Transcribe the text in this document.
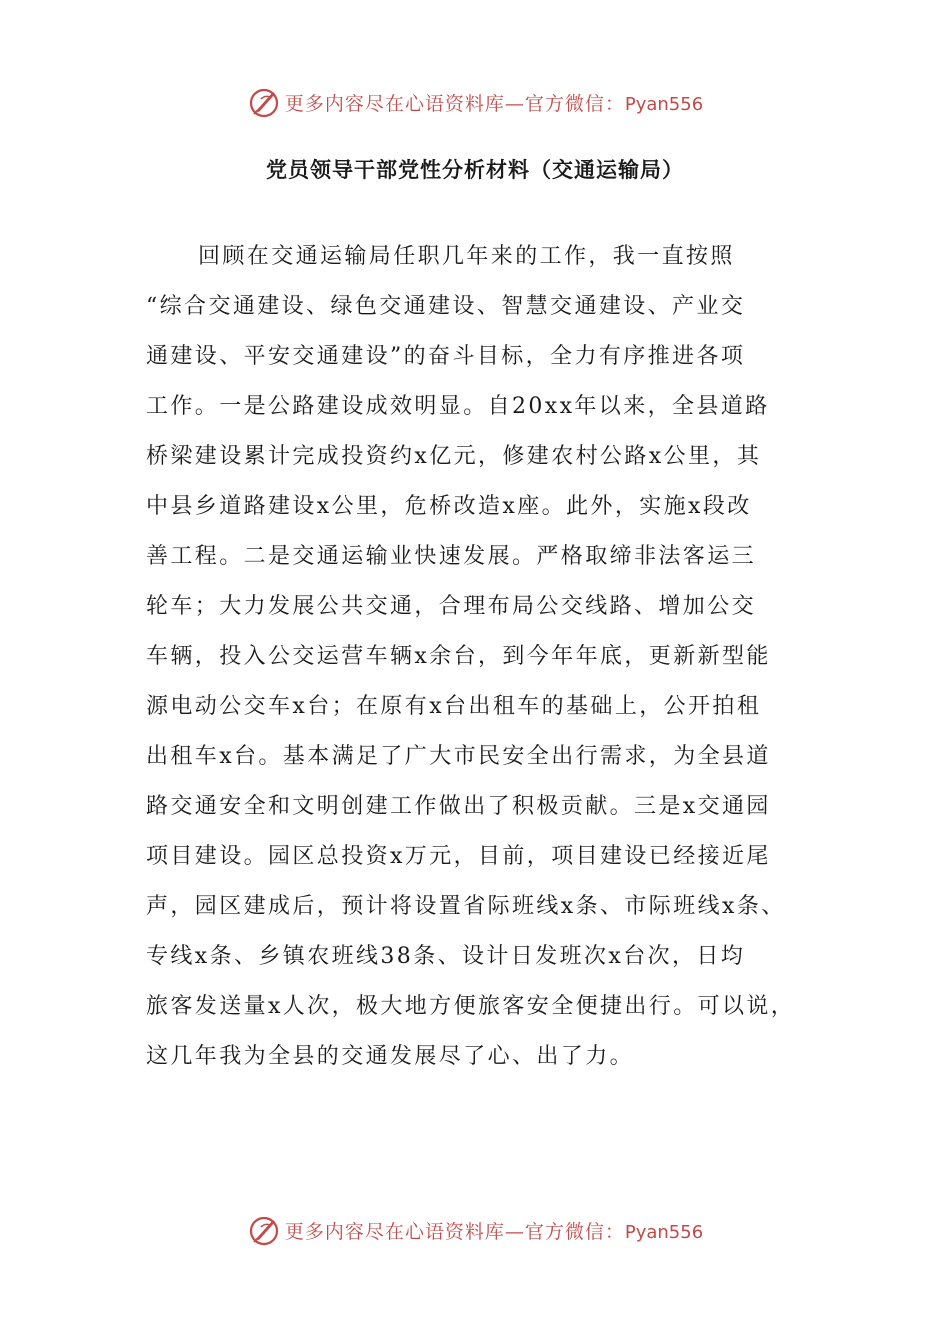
更多内容尽在心语资料库—官方微信：Pyan556
党员领导干部党性分析材料（交通运输局）
回顾在交通运输局任职几年来的工作，我一直按照
“综合交通建设、绿色交通建设、智慧交通建设、产业交
通建设、平安交通建设”的奋斗目标，全力有序推进各项
工作。一是公路建设成效明显。自20xx年以来，全县道路
桥梁建设累计完成投资约x亿元，修建农村公路x公里，其
中县乡道路建设x公里，危桥改造x座。此外，实施x段改
善工程。二是交通运输业快速发展。严格取缔非法客运三
轮车；大力发展公共交通，合理布局公交线路、增加公交
车辆，投入公交运营车辆x余台，到今年年底，更新新型能
源电动公交车x台；在原有x台出租车的基础上，公开拍租
出租车x台。基本满足了广大市民安全出行需求，为全县道
路交通安全和文明创建工作做出了积极贡献。三是x交通园
项目建设。园区总投资x万元，目前，项目建设已经接近尾
声，园区建成后，预计将设置省际班线x条、市际班线x条、
专线x条、乡镇农班线38条、设计日发班次x台次，日均
旅客发送量x人次，极大地方便旅客安全便捷出行。可以说，
这几年我为全县的交通发展尽了心、出了力。
更多内容尽在心语资料库—官方微信：Pyan556
